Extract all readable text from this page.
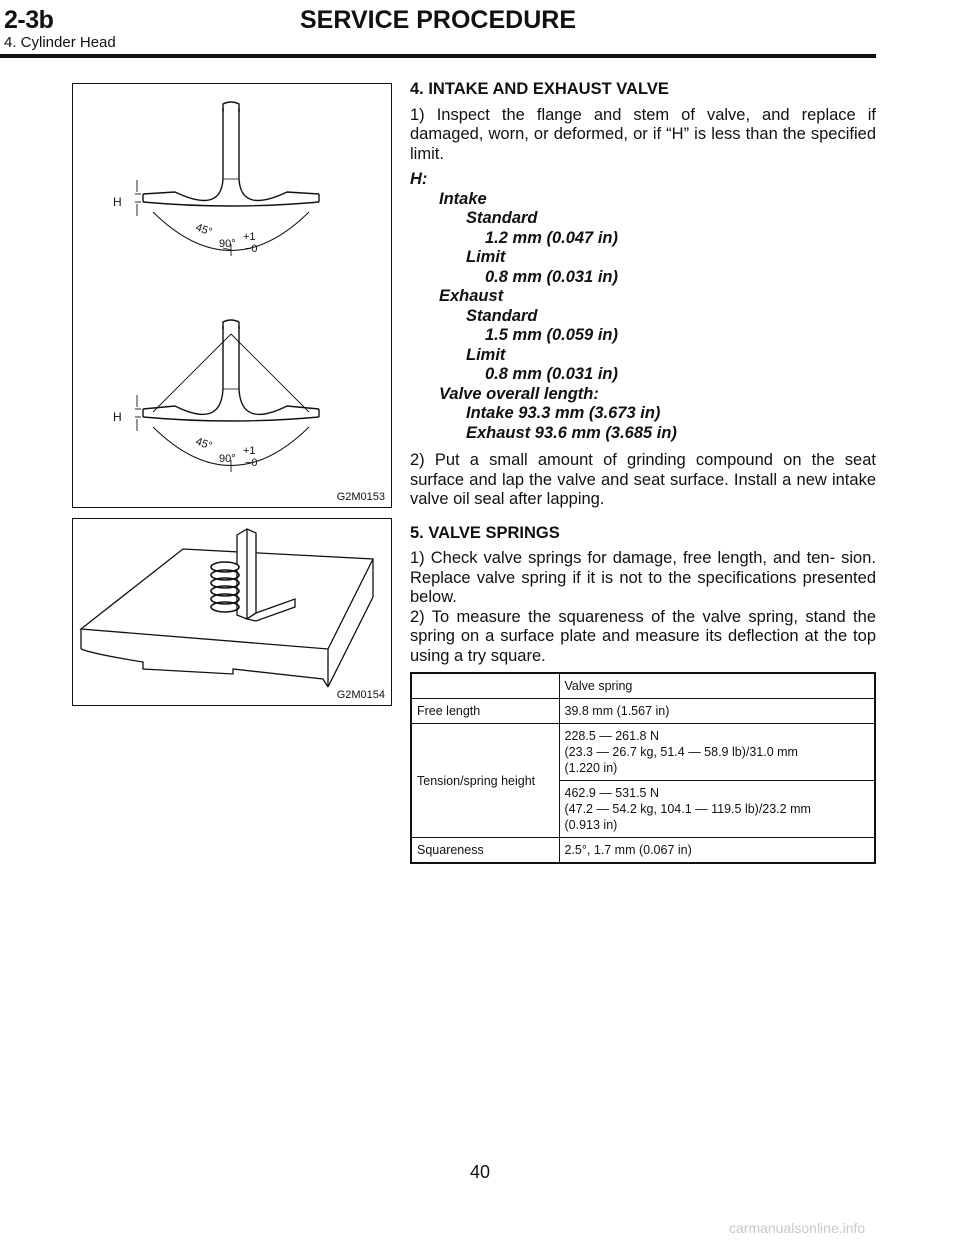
2-3b	SERVICE PROCEDURE
4. Cylinder Head
H
45°
90°
+1
−0
H
45°
90°
+1
−0
G2M0153
G2M0154
4. INTAKE AND EXHAUST VALVE

1) Inspect the flange and stem of valve, and replace if damaged, worn, or deformed, or if “H” is less than the specified limit.

H:
Intake
Standard
1.2 mm (0.047 in)
Limit
0.8 mm (0.031 in)
Exhaust
Standard
1.5 mm (0.059 in)
Limit
0.8 mm (0.031 in)
Valve overall length:
Intake 93.3 mm (3.673 in)
Exhaust 93.6 mm (3.685 in)

2) Put a small amount of grinding compound on the seat surface and lap the valve and seat surface. Install a new intake valve oil seal after lapping.

5. VALVE SPRINGS

1) Check valve springs for damage, free length, and ten- sion. Replace valve spring if it is not to the specifications presented below.

2) To measure the squareness of the valve spring, stand the spring on a surface plate and measure its deflection at the top using a try square.

	Valve spring
Free length	39.8 mm (1.567 in)
Tension/spring height	228.5 — 261.8 N
(23.3 — 26.7 kg, 51.4 — 58.9 lb)/31.0 mm
(1.220 in)

	462.9 — 531.5 N
(47.2 — 54.2 kg, 104.1 — 119.5 lb)/23.2 mm
(0.913 in)

Squareness	2.5°, 1.7 mm (0.067 in)
40
carmanualsonline.info
